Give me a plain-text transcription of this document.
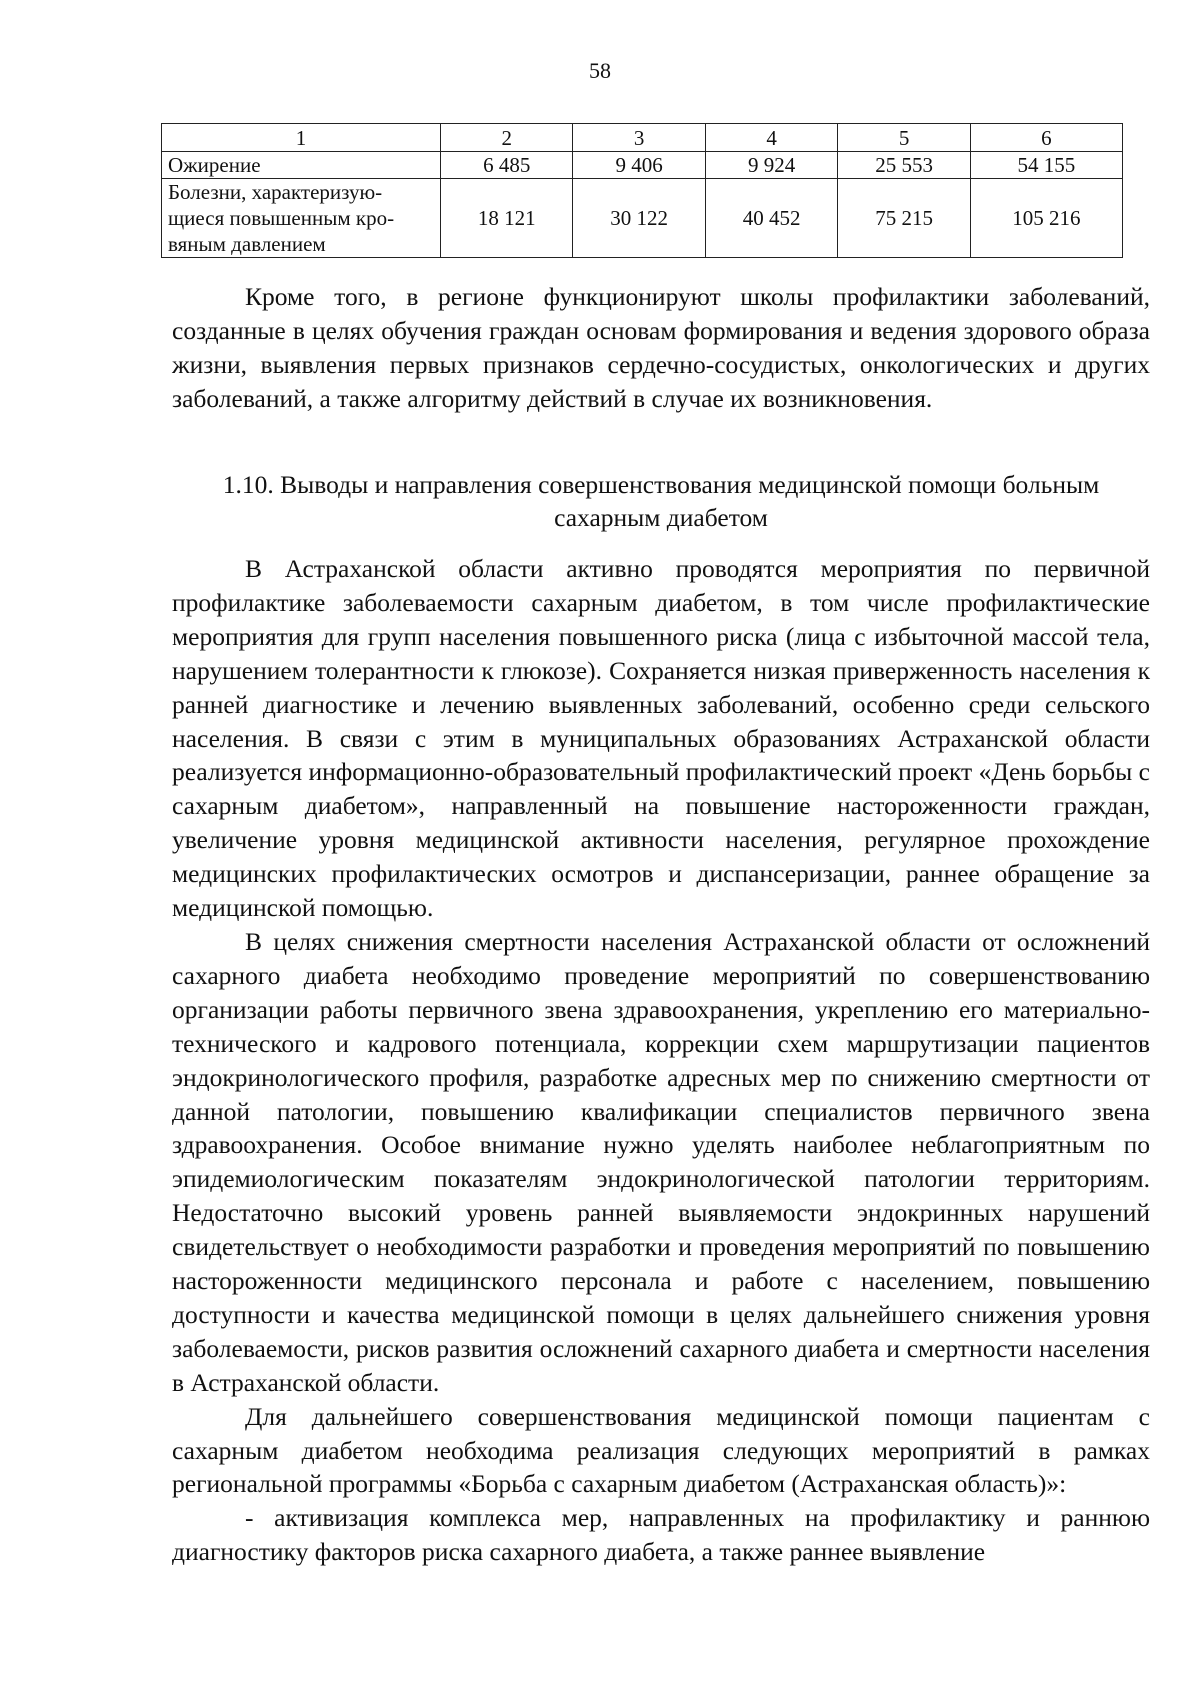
58
1	2	3	4	5	6
Ожирение	6 485	9 406	9 924	25 553	54 155

Болезни, характеризую-
щиеся повышенным кро-
вяным давлением	18 121	30 122	40 452	75 215	105 216

Кроме того, в регионе функционируют школы профилактики заболеваний, созданные в целях обучения граждан основам формирования и ведения здорового образа жизни, выявления первых признаков сердечно-сосудистых, онкологических и других заболеваний, а также алгоритму действий в случае их возникновения.

1.10. Выводы и направления совершенствования медицинской помощи больным
сахарным диабетом

В Астраханской области активно проводятся мероприятия по первичной профилактике заболеваемости сахарным диабетом, в том числе профилактические мероприятия для групп населения повышенного риска (лица с избыточной массой тела, нарушением толерантности к глюкозе). Сохраняется низкая приверженность населения к ранней диагностике и лечению выявленных заболеваний, особенно среди сельского населения. В связи с этим в муниципальных образованиях Астраханской области реализуется информационно-образовательный профилактический проект «День борьбы с сахарным диабетом», направленный на повышение настороженности граждан, увеличение уровня медицинской активности населения, регулярное прохождение медицинских профилактических осмотров и диспансеризации, раннее обращение за медицинской помощью.

В целях снижения смертности населения Астраханской области от осложнений сахарного диабета необходимо проведение мероприятий по совершенствованию организации работы первичного звена здравоохранения, укреплению его материально-технического и кадрового потенциала, коррекции схем маршрутизации пациентов эндокринологического профиля, разработке адресных мер по снижению смертности от данной патологии, повышению квалификации специалистов первичного звена здравоохранения. Особое внимание нужно уделять наиболее неблагоприятным по эпидемиологическим показателям эндокринологической патологии территориям. Недостаточно высокий уровень ранней выявляемости эндокринных нарушений свидетельствует о необходимости разработки и проведения мероприятий по повышению настороженности медицинского персонала и работе с населением, повышению доступности и качества медицинской помощи в целях дальнейшего снижения уровня заболеваемости, рисков развития осложнений сахарного диабета и смертности населения в Астраханской области.

Для дальнейшего совершенствования медицинской помощи пациентам с сахарным диабетом необходима реализация следующих мероприятий в рамках региональной программы «Борьба с сахарным диабетом (Астраханская область)»:

- активизация комплекса мер, направленных на профилактику и раннюю диагностику факторов риска сахарного диабета, а также раннее выявление
